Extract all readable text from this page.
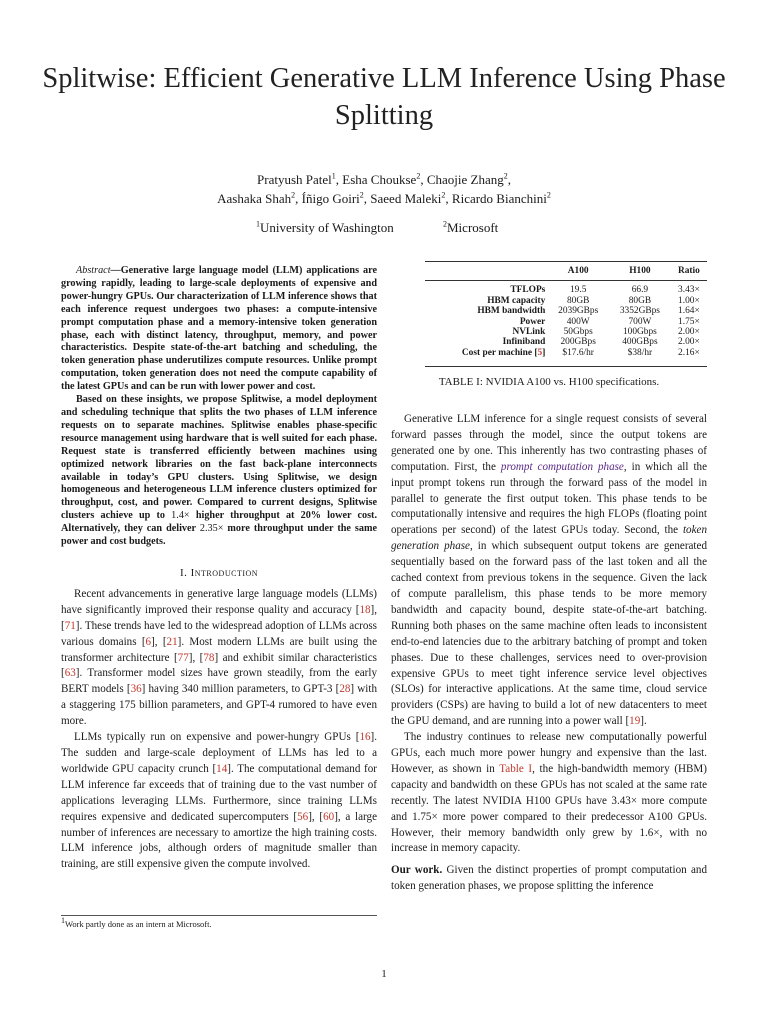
Splitwise: Efficient Generative LLM Inference Using Phase Splitting
Pratyush Patel$^1$, Esha Choukse$^2$, Chaojie Zhang$^2$,
Aashaka Shah$^2$, Íñigo Goiri$^2$, Saeed Maleki$^2$, Ricardo Bianchini$^2$
$^1$University of Washington	$^2$Microsoft

Abstract—Generative large language model (LLM) applications are growing rapidly, leading to large-scale deployments of expensive and power-hungry GPUs. Our characterization of LLM inference shows that each inference request undergoes two phases: a compute-intensive prompt computation phase and a memory-intensive token generation phase, each with distinct latency, throughput, memory, and power characteristics. Despite state-of-the-art batching and scheduling, the token generation phase underutilizes compute resources. Unlike prompt computation, token generation does not need the compute capability of the latest GPUs and can be run with lower power and cost.

Based on these insights, we propose Splitwise, a model deployment and scheduling technique that splits the two phases of LLM inference requests on to separate machines. Splitwise enables phase-specific resource management using hardware that is well suited for each phase. Request state is transferred efficiently between machines using optimized network libraries on the fast back-plane interconnects available in today’s GPU clusters. Using Splitwise, we design homogeneous and heterogeneous LLM inference clusters optimized for throughput, cost, and power. Compared to current designs, Splitwise clusters achieve up to 1.4× higher throughput at 20% lower cost. Alternatively, they can deliver 2.35× more throughput under the same power and cost budgets.

I. Introduction

Recent advancements in generative large language models (LLMs) have significantly improved their response quality and accuracy [18], [71]. These trends have led to the widespread adoption of LLMs across various domains [6], [21]. Most modern LLMs are built using the transformer architecture [77], [78] and exhibit similar characteristics [63]. Transformer model sizes have grown steadily, from the early BERT models [36] having 340 million parameters, to GPT-3 [28] with a staggering 175 billion parameters, and GPT-4 rumored to have even more.

LLMs typically run on expensive and power-hungry GPUs [16]. The sudden and large-scale deployment of LLMs has led to a worldwide GPU capacity crunch [14]. The computational demand for LLM inference far exceeds that of training due to the vast number of applications leveraging LLMs. Furthermore, since training LLMs requires expensive and dedicated supercomputers [56], [60], a large number of inferences are necessary to amortize the high training costs. LLM inference jobs, although orders of magnitude smaller than training, are still expensive given the compute involved.

$^1$Work partly done as an intern at Microsoft.
	A100	H100	Ratio
TFLOPs	19.5	66.9	3.43×
HBM capacity	80GB	80GB	1.00×
HBM bandwidth	2039GBps	3352GBps	1.64×
Power	400W	700W	1.75×
NVLink	50Gbps	100Gbps	2.00×
Infiniband	200GBps	400GBps	2.00×
Cost per machine [5]	$17.6/hr	$38/hr	2.16×
TABLE I: NVIDIA A100 vs. H100 specifications.

Generative LLM inference for a single request consists of several forward passes through the model, since the output tokens are generated one by one. This inherently has two contrasting phases of computation. First, the prompt computation phase, in which all the input prompt tokens run through the forward pass of the model in parallel to generate the first output token. This phase tends to be computationally intensive and requires the high FLOPs (floating point operations per second) of the latest GPUs today. Second, the token generation phase, in which subsequent output tokens are generated sequentially based on the forward pass of the last token and all the cached context from previous tokens in the sequence. Given the lack of compute parallelism, this phase tends to be more memory bandwidth and capacity bound, despite state-of-the-art batching. Running both phases on the same machine often leads to inconsistent end-to-end latencies due to the arbitrary batching of prompt and token phases. Due to these challenges, services need to over-provision expensive GPUs to meet tight inference service level objectives (SLOs) for interactive applications. At the same time, cloud service providers (CSPs) are having to build a lot of new datacenters to meet the GPU demand, and are running into a power wall [19].

The industry continues to release new computationally powerful GPUs, each much more power hungry and expensive than the last. However, as shown in Table I, the high-bandwidth memory (HBM) capacity and bandwidth on these GPUs has not scaled at the same rate recently. The latest NVIDIA H100 GPUs have 3.43× more compute and 1.75× more power compared to their predecessor A100 GPUs. However, their memory bandwidth only grew by 1.6×, with no increase in memory capacity.

Our work. Given the distinct properties of prompt computation and token generation phases, we propose splitting the inference

1
